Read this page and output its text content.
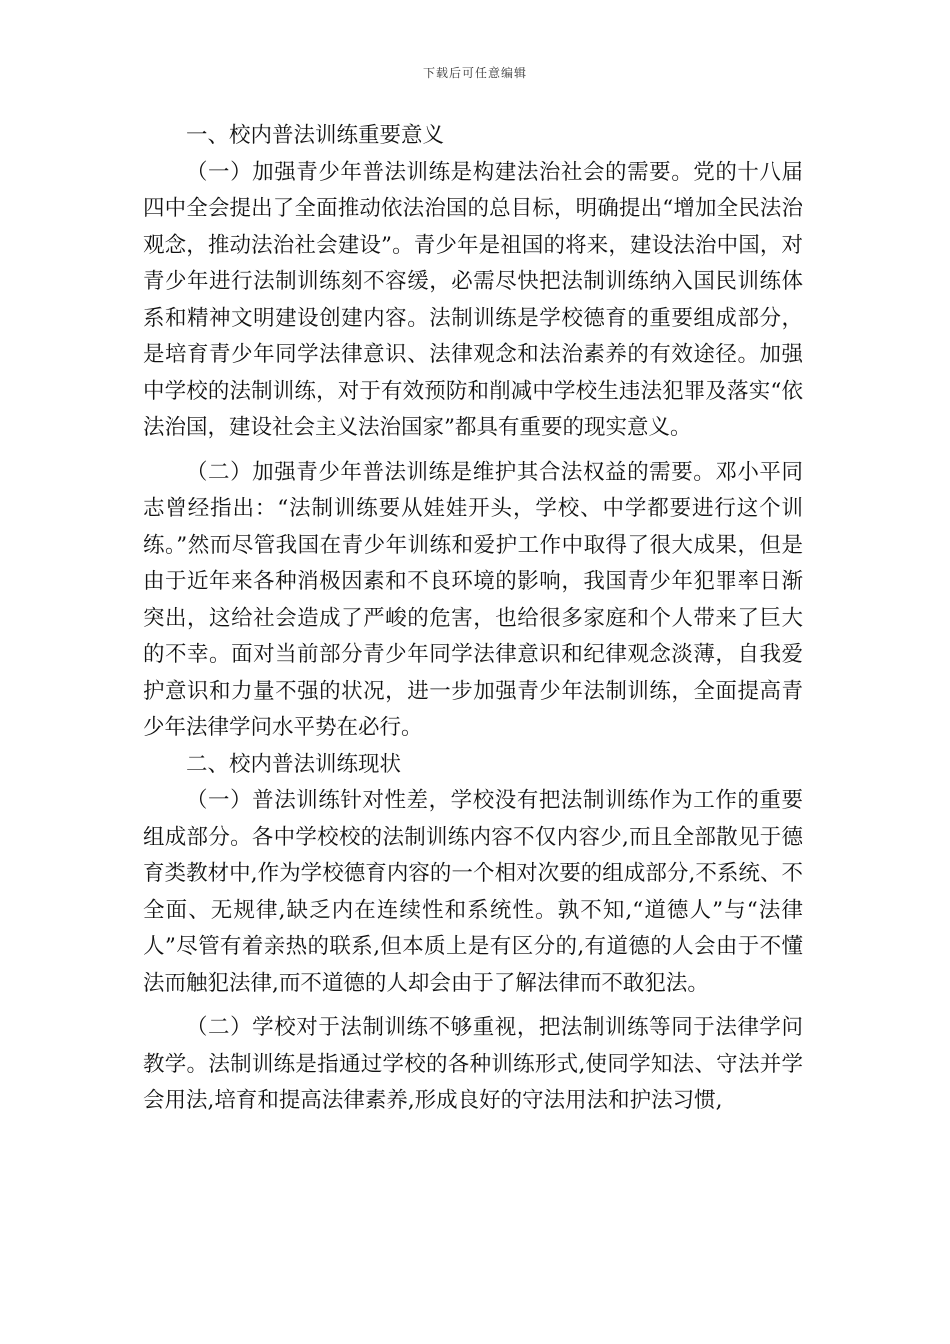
下载后可任意编辑

一、校内普法训练重要意义

（一）加强青少年普法训练是构建法治社会的需要。党的十八届四中全会提出了全面推动依法治国的总目标，明确提出“增加全民法治观念，推动法治社会建设”。青少年是祖国的将来，建设法治中国，对青少年进行法制训练刻不容缓，必需尽快把法制训练纳入国民训练体系和精神文明建设创建内容。法制训练是学校德育的重要组成部分，是培育青少年同学法律意识、法律观念和法治素养的有效途径。加强中学校的法制训练，对于有效预防和削减中学校生违法犯罪及落实“依法治国，建设社会主义法治国家”都具有重要的现实意义。

（二）加强青少年普法训练是维护其合法权益的需要。邓小平同志曾经指出：“法制训练要从娃娃开头，学校、中学都要进行这个训练。”然而尽管我国在青少年训练和爱护工作中取得了很大成果，但是由于近年来各种消极因素和不良环境的影响，我国青少年犯罪率日渐突出，这给社会造成了严峻的危害，也给很多家庭和个人带来了巨大的不幸。面对当前部分青少年同学法律意识和纪律观念淡薄，自我爱护意识和力量不强的状况，进一步加强青少年法制训练，全面提高青少年法律学问水平势在必行。

二、校内普法训练现状

（一）普法训练针对性差，学校没有把法制训练作为工作的重要组成部分。各中学校校的法制训练内容不仅内容少,而且全部散见于德育类教材中,作为学校德育内容的一个相对次要的组成部分,不系统、不全面、无规律,缺乏内在连续性和系统性。孰不知,“道德人”与“法律人”尽管有着亲热的联系,但本质上是有区分的,有道德的人会由于不懂法而触犯法律,而不道德的人却会由于了解法律而不敢犯法。

（二）学校对于法制训练不够重视，把法制训练等同于法律学问教学。法制训练是指通过学校的各种训练形式,使同学知法、守法并学会用法,培育和提高法律素养,形成良好的守法用法和护法习惯,
